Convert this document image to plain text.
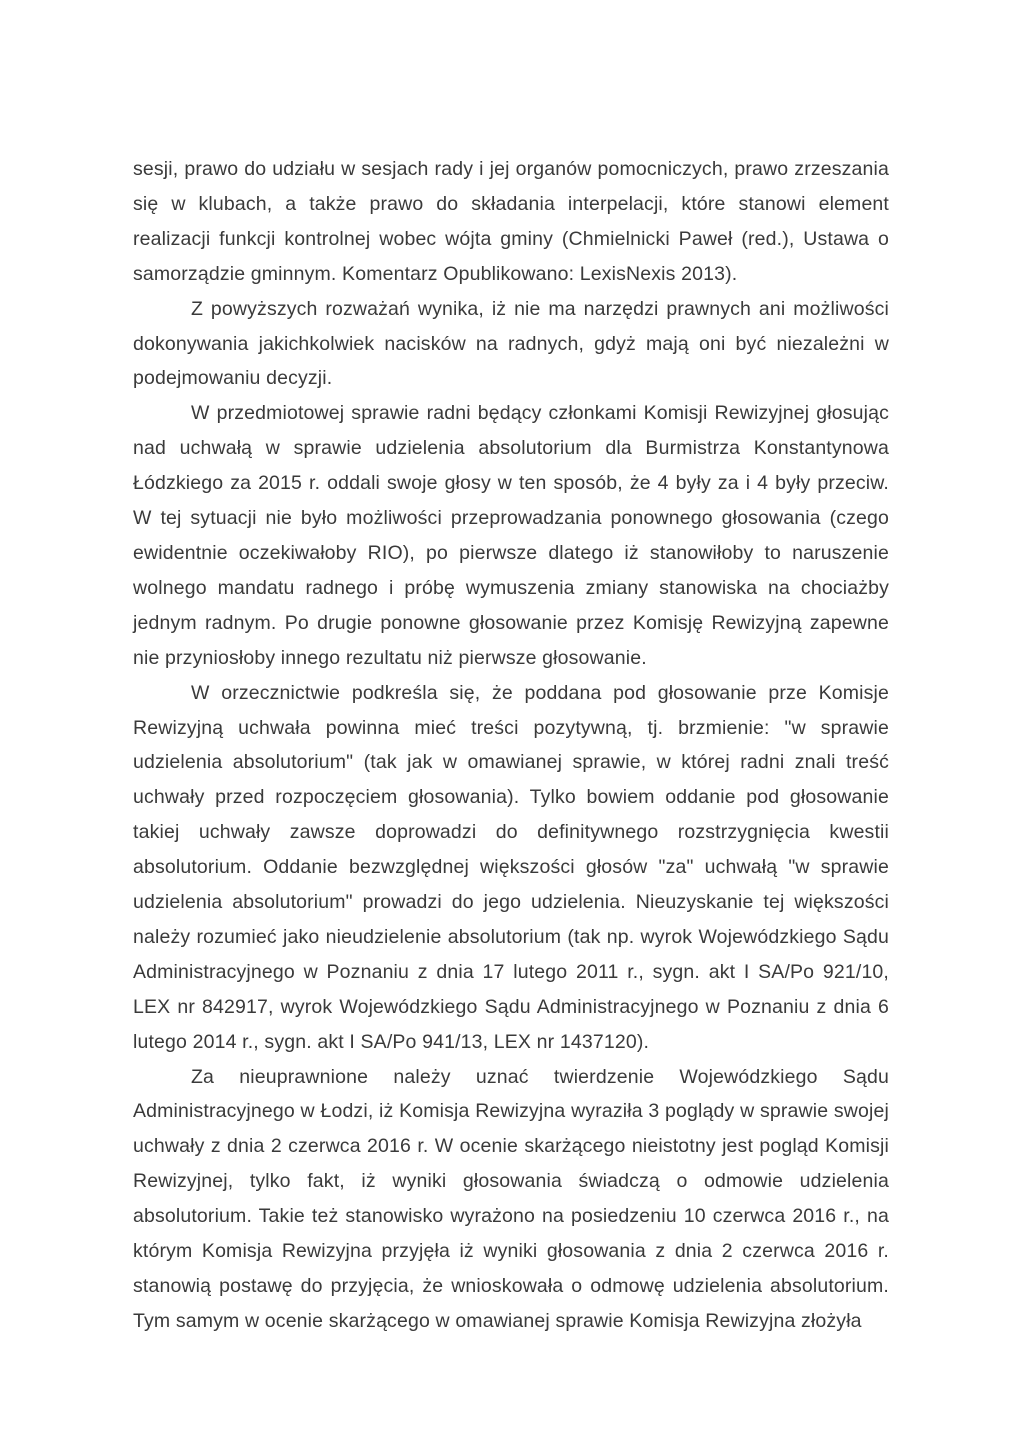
sesji, prawo do udziału w sesjach rady i jej organów pomocniczych, prawo zrzeszania się w klubach, a także prawo do składania interpelacji, które stanowi element realizacji funkcji kontrolnej wobec wójta gminy (Chmielnicki Paweł (red.), Ustawa o samorządzie gminnym. Komentarz Opublikowano: LexisNexis 2013).

Z powyższych rozważań wynika, iż nie ma narzędzi prawnych ani możliwości dokonywania jakichkolwiek nacisków na radnych, gdyż mają oni być niezależni w podejmowaniu decyzji.

W przedmiotowej sprawie radni będący członkami Komisji Rewizyjnej głosując nad uchwałą w sprawie udzielenia absolutorium dla Burmistrza Konstantynowa Łódzkiego za 2015 r. oddali swoje głosy w ten sposób, że 4 były za i 4 były przeciw. W tej sytuacji nie było możliwości przeprowadzania ponownego głosowania (czego ewidentnie oczekiwałoby RIO), po pierwsze dlatego iż stanowiłoby to naruszenie wolnego mandatu radnego i próbę wymuszenia zmiany stanowiska na chociażby jednym radnym. Po drugie ponowne głosowanie przez Komisję Rewizyjną zapewne nie przyniosłoby innego rezultatu niż pierwsze głosowanie.

W orzecznictwie podkreśla się, że poddana pod głosowanie prze Komisje Rewizyjną uchwała powinna mieć treści pozytywną, tj. brzmienie: "w sprawie udzielenia absolutorium" (tak jak w omawianej sprawie, w której radni znali treść uchwały przed rozpoczęciem głosowania). Tylko bowiem oddanie pod głosowanie takiej uchwały zawsze doprowadzi do definitywnego rozstrzygnięcia kwestii absolutorium. Oddanie bezwzględnej większości głosów "za" uchwałą "w sprawie udzielenia absolutorium" prowadzi do jego udzielenia. Nieuzyskanie tej większości należy rozumieć jako nieudzielenie absolutorium (tak np. wyrok Wojewódzkiego Sądu Administracyjnego w Poznaniu z dnia 17 lutego 2011 r., sygn. akt I SA/Po 921/10, LEX nr 842917, wyrok Wojewódzkiego Sądu Administracyjnego w Poznaniu z dnia 6 lutego 2014 r., sygn. akt I SA/Po 941/13, LEX nr 1437120).

Za nieuprawnione należy uznać twierdzenie Wojewódzkiego Sądu Administracyjnego w Łodzi, iż Komisja Rewizyjna wyraziła 3 poglądy w sprawie swojej uchwały z dnia 2 czerwca 2016 r. W ocenie skarżącego nieistotny jest pogląd Komisji Rewizyjnej, tylko fakt, iż wyniki głosowania świadczą o odmowie udzielenia absolutorium. Takie też stanowisko wyrażono na posiedzeniu 10 czerwca 2016 r., na którym Komisja Rewizyjna przyjęła iż wyniki głosowania z dnia 2 czerwca 2016 r. stanowią postawę do przyjęcia, że wnioskowała o odmowę udzielenia absolutorium. Tym samym w ocenie skarżącego w omawianej sprawie Komisja Rewizyjna złożyła
